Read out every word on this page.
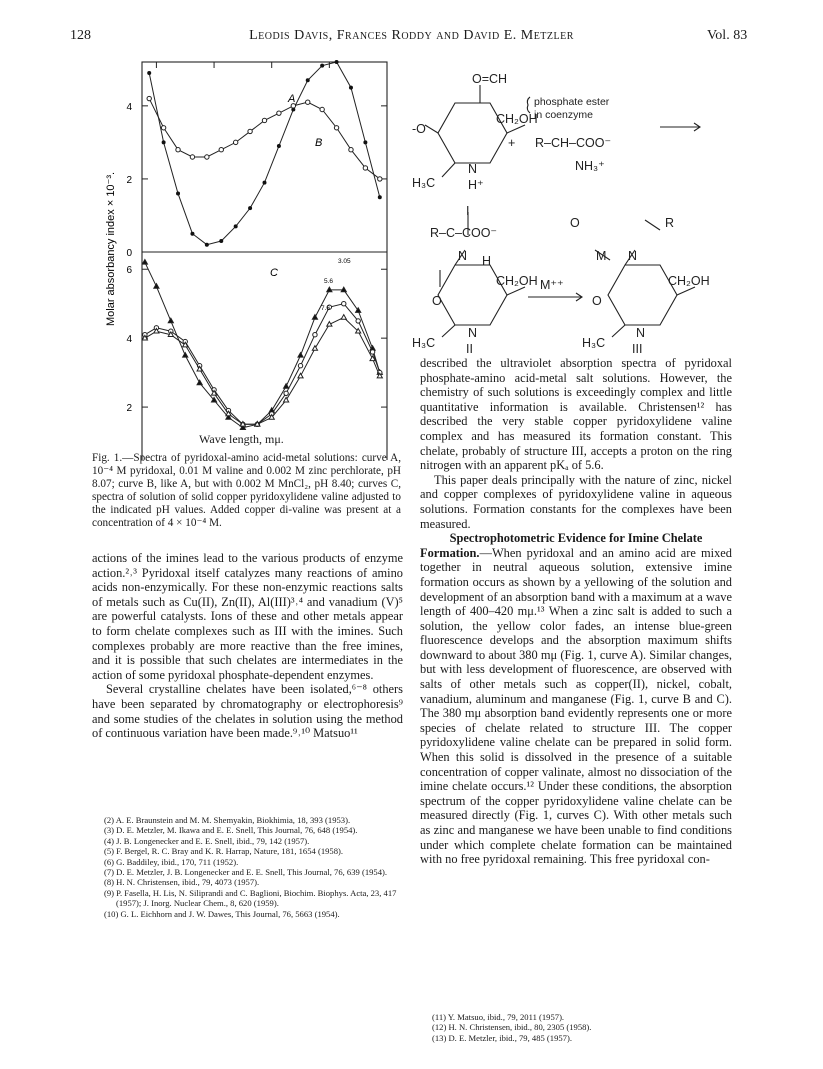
128	Leodis Davis, Frances Roddy and David E. Metzler	Vol. 83
4
2
0
6
4
2
Molar absorbancy index × 10⁻³.
A
B
C
3.05
5.6
7.6
Wave length, mμ.
Fig. 1.—Spectra of pyridoxal-amino acid-metal solutions: curve A, 10⁻⁴ M pyridoxal, 0.01 M valine and 0.002 M zinc perchlorate, pH 8.07; curve B, like A, but with 0.002 M MnCl₂, pH 8.40; curves C, spectra of solution of solid copper pyridoxylidene valine adjusted to the indicated pH values. Added copper di-valine was present at a concentration of 4 × 10⁻⁴ M.

actions of the imines lead to the various products of enzyme action.²˒³ Pyridoxal itself catalyzes many reactions of amino acids non-enzymically. For these non-enzymic reactions salts of metals such as Cu(II), Zn(II), Al(III)³˒⁴ and vanadium (V)⁵ are powerful catalysts. Ions of these and other metals appear to form chelate complexes such as III with the imines. Such complexes probably are more reactive than the free imines, and it is possible that such chelates are intermediates in the action of some pyridoxal phosphate-dependent enzymes.

Several crystalline chelates have been isolated,⁶⁻⁸ others have been separated by chromatography or electrophoresis⁹ and some studies of the chelates in solution using the method of continuous variation have been made.⁹˒¹⁰ Matsuo¹¹

(2) A. E. Braunstein and M. M. Shemyakin, Biokhimia, 18, 393 (1953).
(3) D. E. Metzler, M. Ikawa and E. E. Snell, This Journal, 76, 648 (1954).
(4) J. B. Longenecker and E. E. Snell, ibid., 79, 142 (1957).
(5) F. Bergel, R. C. Bray and K. R. Harrap, Nature, 181, 1654 (1958).
(6) G. Baddiley, ibid., 170, 711 (1952).
(7) D. E. Metzler, J. B. Longenecker and E. E. Snell, This Journal, 76, 639 (1954).
(8) H. N. Christensen, ibid., 79, 4073 (1957).
(9) P. Fasella, H. Lis, N. Siliprandi and C. Baglioni, Biochim. Biophys. Acta, 23, 417 (1957); J. Inorg. Nuclear Chem., 8, 620 (1959).
(10) G. L. Eichhorn and J. W. Dawes, This Journal, 76, 5663 (1954).
O=CH
-O
CH₂OH
phosphate ester
in coenzyme
H₃C
N
H⁺
+ R–CH–COO⁻
NH₃⁺
I
R–C–COO⁻
N H
O
CH₂OH
H₃C
N
M⁺⁺
II
O	R
M N
O
CH₂OH
H₃C
N
III

described the ultraviolet absorption spectra of pyridoxal phosphate-amino acid-metal salt solutions. However, the chemistry of such solutions is exceedingly complex and little quantitative information is available. Christensen¹² has described the very stable copper pyridoxylidene valine complex and has measured its formation constant. This chelate, probably of structure III, accepts a proton on the ring nitrogen with an apparent pKₐ of 5.6.

This paper deals principally with the nature of zinc, nickel and copper complexes of pyridoxylidene valine in aqueous solutions. Formation constants for the complexes have been measured.

Spectrophotometric Evidence for Imine Chelate

Formation.—When pyridoxal and an amino acid are mixed together in neutral aqueous solution, extensive imine formation occurs as shown by a yellowing of the solution and development of an absorption band with a maximum at a wave length of 400–420 mμ.¹³ When a zinc salt is added to such a solution, the yellow color fades, an intense blue-green fluorescence develops and the absorption maximum shifts downward to about 380 mμ (Fig. 1, curve A). Similar changes, but with less development of fluorescence, are observed with salts of other metals such as copper(II), nickel, cobalt, vanadium, aluminum and manganese (Fig. 1, curve B and C). The 380 mμ absorption band evidently represents one or more species of chelate related to structure III. The copper pyridoxylidene valine chelate can be prepared in solid form. When this solid is dissolved in the presence of a suitable concentration of copper valinate, almost no dissociation of the imine chelate occurs.¹² Under these conditions, the absorption spectrum of the copper pyridoxylidene valine chelate can be measured directly (Fig. 1, curves C). With other metals such as zinc and manganese we have been unable to find conditions under which complete chelate formation can be maintained with no free pyridoxal remaining. This free pyridoxal con-

(11) Y. Matsuo, ibid., 79, 2011 (1957).
(12) H. N. Christensen, ibid., 80, 2305 (1958).
(13) D. E. Metzler, ibid., 79, 485 (1957).
